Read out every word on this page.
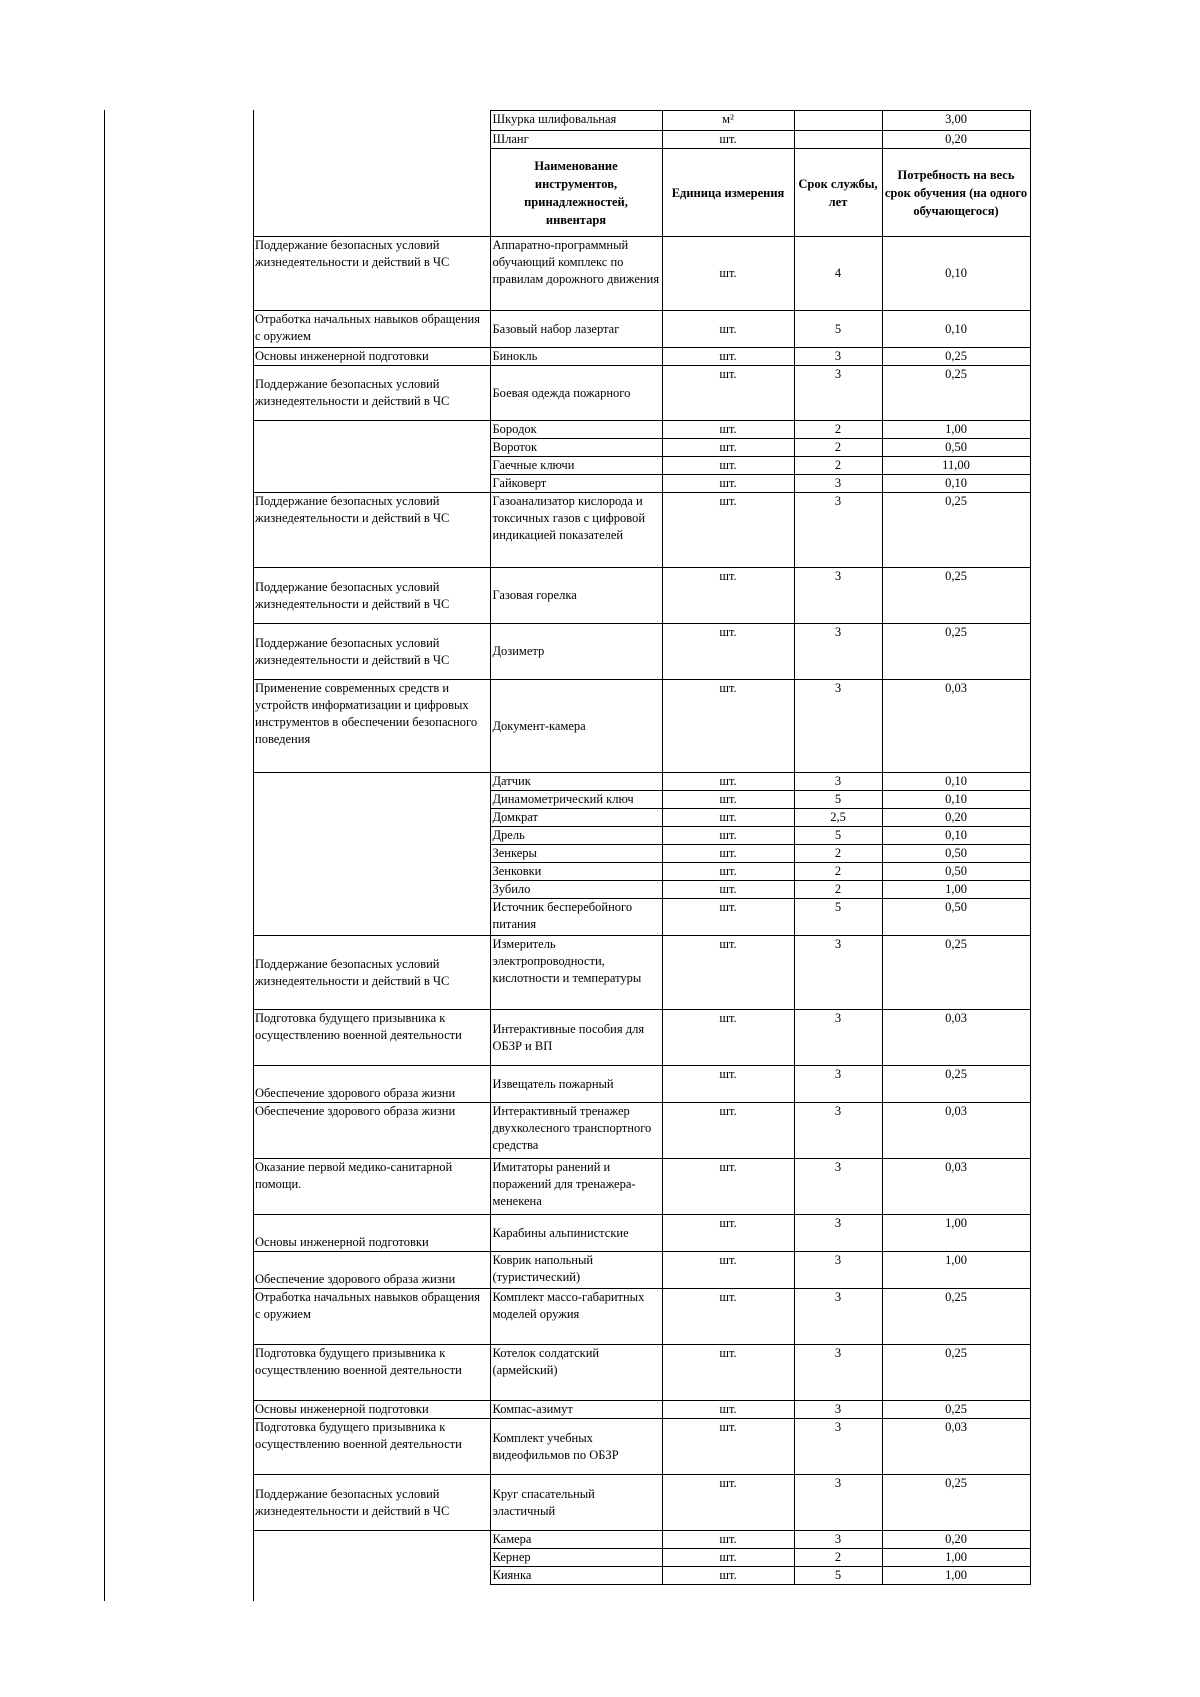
	Шкурка шлифовальная	м²		3,00
	Шланг	шт.		0,20
	Наименование инструментов, принадлежностей, инвентаря	Единица измерения	Срок службы, лет	Потребность на весь срок обучения (на одного обучающегося)
Поддержание безопасных условий жизнедеятельности и действий в ЧС	Аппаратно-программный обучающий комплекс по правилам дорожного движения	шт.	4	0,10
Отработка начальных навыков обращения с оружием	Базовый набор лазертаг	шт.	5	0,10
Основы инженерной подготовки	Бинокль	шт.	3	0,25
Поддержание безопасных условий жизнедеятельности и действий в ЧС	Боевая одежда пожарного	шт.	3	0,25
	Бородок	шт.	2	1,00
	Вороток	шт.	2	0,50
	Гаечные ключи	шт.	2	11,00
	Гайковерт	шт.	3	0,10
Поддержание безопасных условий жизнедеятельности и действий в ЧС	Газоанализатор кислорода и токсичных газов с цифровой индикацией показателей	шт.	3	0,25
Поддержание безопасных условий жизнедеятельности и действий в ЧС	Газовая горелка	шт.	3	0,25
Поддержание безопасных условий жизнедеятельности и действий в ЧС	Дозиметр	шт.	3	0,25
Применение современных средств и устройств информатизации и цифровых инструментов в обеспечении безопасного поведения	Документ-камера	шт.	3	0,03
	Датчик	шт.	3	0,10
	Динамометрический ключ	шт.	5	0,10
	Домкрат	шт.	2,5	0,20
	Дрель	шт.	5	0,10
	Зенкеры	шт.	2	0,50
	Зенковки	шт.	2	0,50
	Зубило	шт.	2	1,00
	Источник бесперебойного питания	шт.	5	0,50
Поддержание безопасных условий жизнедеятельности и действий в ЧС	Измеритель электропроводности, кислотности и температуры	шт.	3	0,25
Подготовка будущего призывника к осуществлению военной деятельности	Интерактивные пособия для ОБЗР и ВП	шт.	3	0,03
Обеспечение здорового образа жизни	Извещатель пожарный	шт.	3	0,25
Обеспечение здорового образа жизни	Интерактивный тренажер двухколесного транспортного средства	шт.	3	0,03
Оказание первой медико-санитарной помощи.	Имитаторы ранений и поражений для тренажера-менекена	шт.	3	0,03
Основы инженерной подготовки	Карабины альпинистские	шт.	3	1,00
Обеспечение здорового образа жизни	Коврик напольный (туристический)	шт.	3	1,00
Отработка начальных навыков обращения с оружием	Комплект массо-габаритных моделей оружия	шт.	3	0,25
Подготовка будущего призывника к осуществлению военной деятельности	Котелок солдатский (армейский)	шт.	3	0,25
Основы инженерной подготовки	Компас-азимут	шт.	3	0,25
Подготовка будущего призывника к осуществлению военной деятельности	Комплект учебных видеофильмов по ОБЗР	шт.	3	0,03
Поддержание безопасных условий жизнедеятельности и действий в ЧС	Круг спасательный эластичный	шт.	3	0,25
	Камера	шт.	3	0,20
	Кернер	шт.	2	1,00
	Киянка	шт.	5	1,00
